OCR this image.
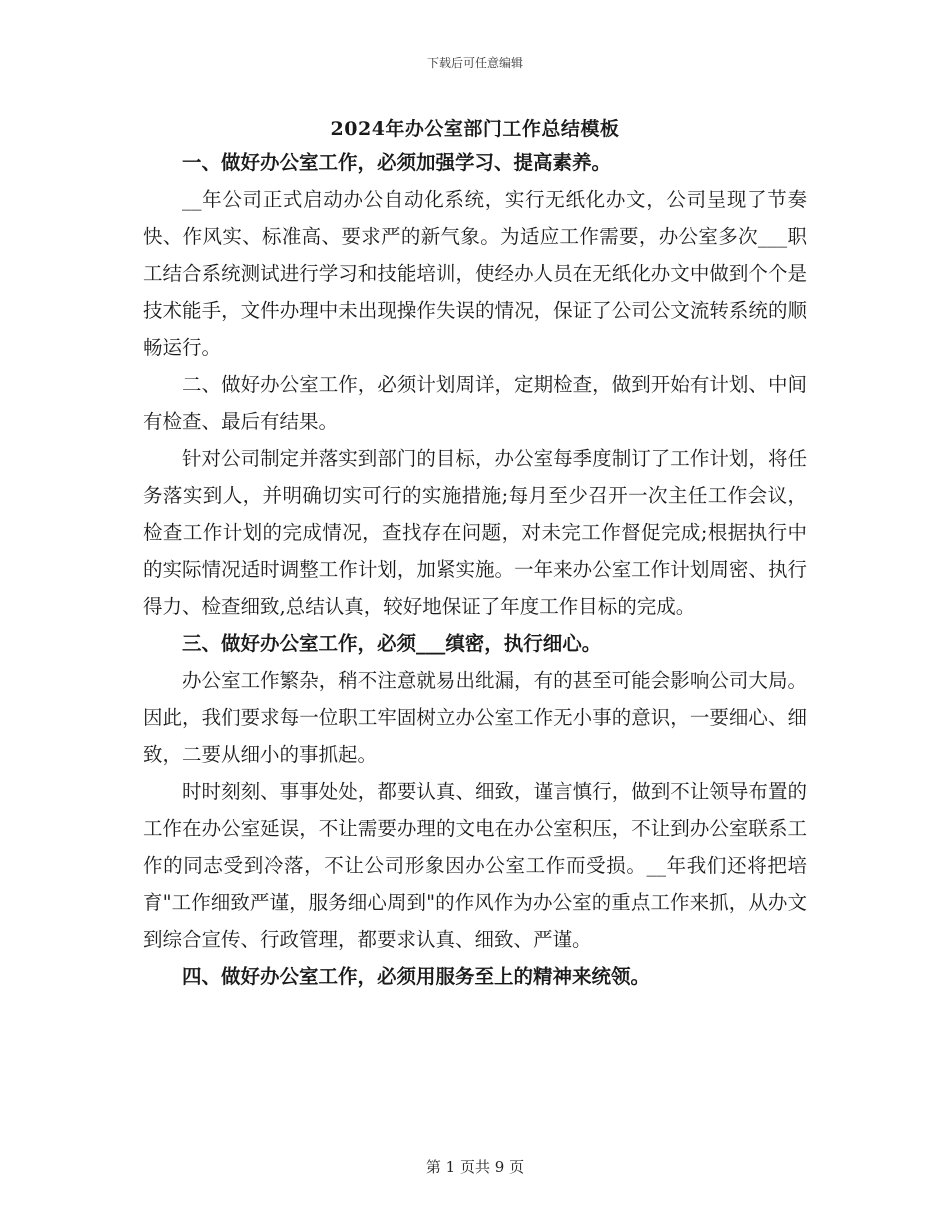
下载后可任意编辑
2024年办公室部门工作总结模板

一、做好办公室工作，必须加强学习、提高素养。

__年公司正式启动办公自动化系统，实行无纸化办文，公司呈现了节奏快、作风实、标准高、要求严的新气象。为适应工作需要，办公室多次___职工结合系统测试进行学习和技能培训，使经办人员在无纸化办文中做到个个是技术能手，文件办理中未出现操作失误的情况，保证了公司公文流转系统的顺畅运行。

二、做好办公室工作，必须计划周详，定期检查，做到开始有计划、中间有检查、最后有结果。

针对公司制定并落实到部门的目标，办公室每季度制订了工作计划，将任务落实到人，并明确切实可行的实施措施;每月至少召开一次主任工作会议，检查工作计划的完成情况，查找存在问题，对未完工作督促完成;根据执行中的实际情况适时调整工作计划，加紧实施。一年来办公室工作计划周密、执行得力、检查细致,总结认真，较好地保证了年度工作目标的完成。

三、做好办公室工作，必须___缜密，执行细心。

办公室工作繁杂，稍不注意就易出纰漏，有的甚至可能会影响公司大局。因此，我们要求每一位职工牢固树立办公室工作无小事的意识，一要细心、细致，二要从细小的事抓起。

时时刻刻、事事处处，都要认真、细致，谨言慎行，做到不让领导布置的工作在办公室延误，不让需要办理的文电在办公室积压，不让到办公室联系工作的同志受到冷落，不让公司形象因办公室工作而受损。__年我们还将把培育"工作细致严谨，服务细心周到"的作风作为办公室的重点工作来抓，从办文到综合宣传、行政管理，都要求认真、细致、严谨。

四、做好办公室工作，必须用服务至上的精神来统领。

第 1 页共 9 页
